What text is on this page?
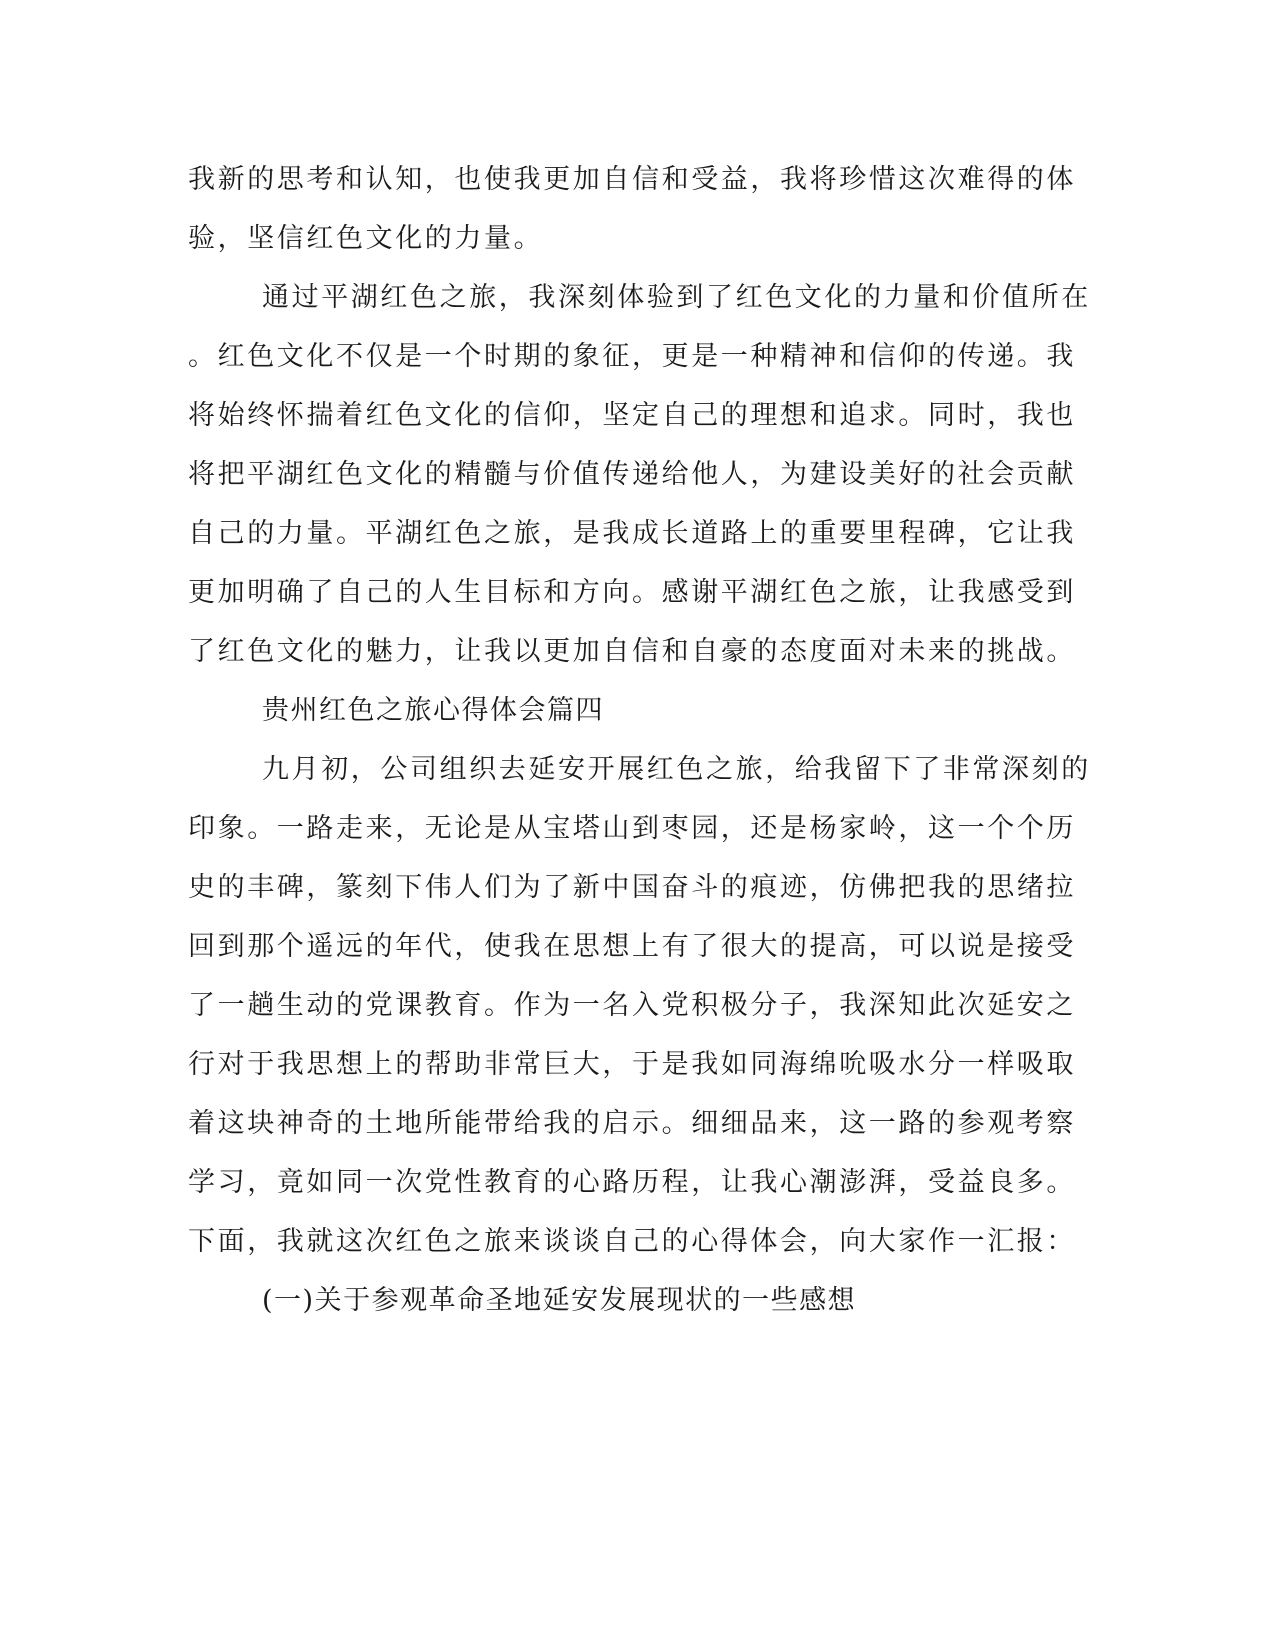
我新的思考和认知，也使我更加自信和受益，我将珍惜这次难得的体
验，坚信红色文化的力量。
通过平湖红色之旅，我深刻体验到了红色文化的力量和价值所在
。红色文化不仅是一个时期的象征，更是一种精神和信仰的传递。我
将始终怀揣着红色文化的信仰，坚定自己的理想和追求。同时，我也
将把平湖红色文化的精髓与价值传递给他人，为建设美好的社会贡献
自己的力量。平湖红色之旅，是我成长道路上的重要里程碑，它让我
更加明确了自己的人生目标和方向。感谢平湖红色之旅，让我感受到
了红色文化的魅力，让我以更加自信和自豪的态度面对未来的挑战。
贵州红色之旅心得体会篇四
九月初，公司组织去延安开展红色之旅，给我留下了非常深刻的
印象。一路走来，无论是从宝塔山到枣园，还是杨家岭，这一个个历
史的丰碑，篆刻下伟人们为了新中国奋斗的痕迹，仿佛把我的思绪拉
回到那个遥远的年代，使我在思想上有了很大的提高，可以说是接受
了一趟生动的党课教育。作为一名入党积极分子，我深知此次延安之
行对于我思想上的帮助非常巨大，于是我如同海绵吮吸水分一样吸取
着这块神奇的土地所能带给我的启示。细细品来，这一路的参观考察
学习，竟如同一次党性教育的心路历程，让我心潮澎湃，受益良多。
下面，我就这次红色之旅来谈谈自己的心得体会，向大家作一汇报：
(一)关于参观革命圣地延安发展现状的一些感想
